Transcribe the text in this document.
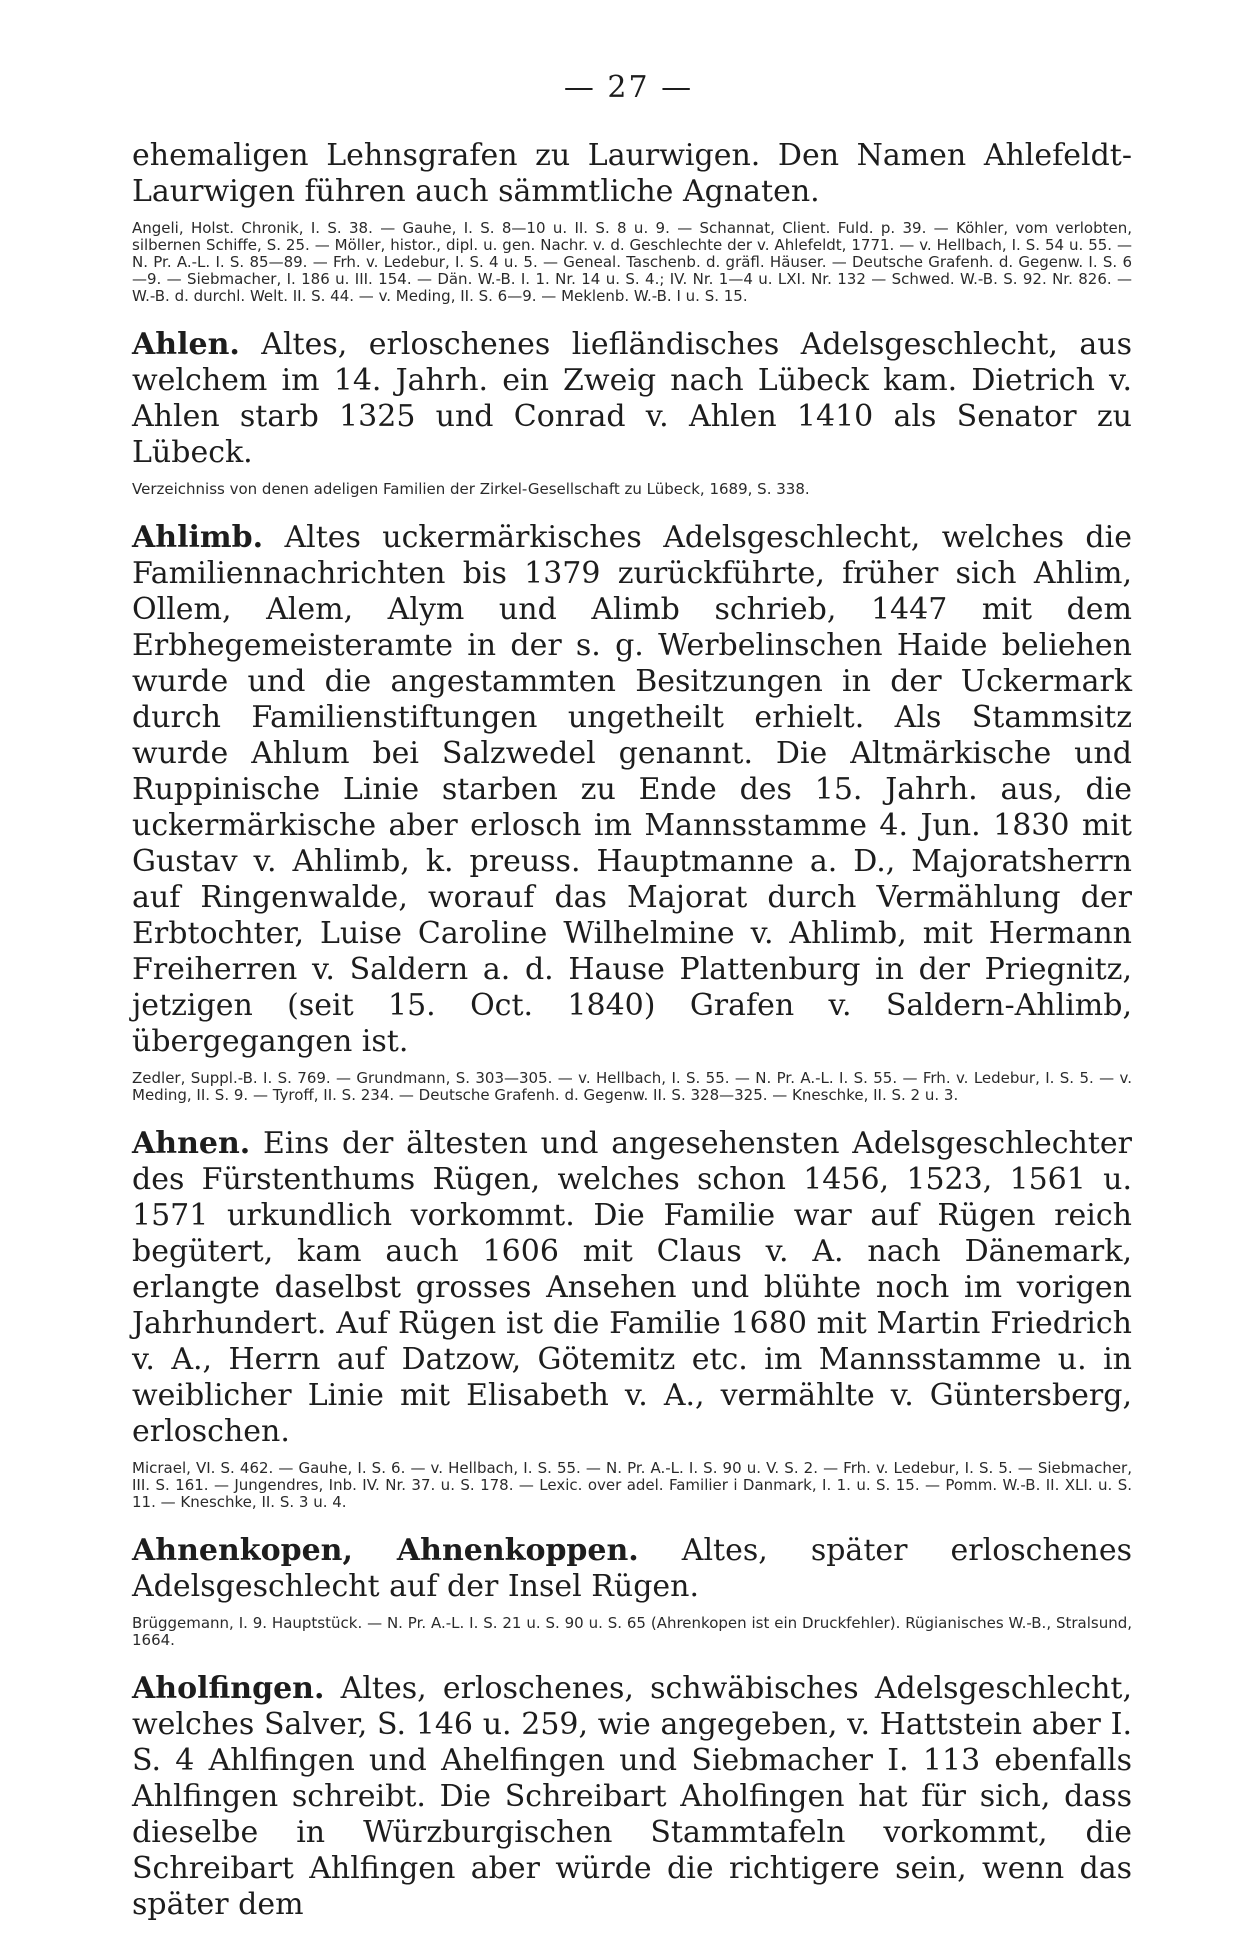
— 27 —

ehemaligen Lehnsgrafen zu Laurwigen. Den Namen Ahlefeldt-Laurwigen führen auch sämmtliche Agnaten.

Angeli, Holst. Chronik, I. S. 38. — Gauhe, I. S. 8—10 u. II. S. 8 u. 9. — Schannat, Client. Fuld. p. 39. — Köhler, vom verlobten, silbernen Schiffe, S. 25. — Möller, histor., dipl. u. gen. Nachr. v. d. Geschlechte der v. Ahlefeldt, 1771. — v. Hellbach, I. S. 54 u. 55. — N. Pr. A.-L. I. S. 85—89. — Frh. v. Ledebur, I. S. 4 u. 5. — Geneal. Taschenb. d. gräfl. Häuser. — Deutsche Grafenh. d. Gegenw. I. S. 6—9. — Siebmacher, I. 186 u. III. 154. — Dän. W.-B. I. 1. Nr. 14 u. S. 4.; IV. Nr. 1—4 u. LXI. Nr. 132 — Schwed. W.-B. S. 92. Nr. 826. — W.-B. d. durchl. Welt. II. S. 44. — v. Meding, II. S. 6—9. — Meklenb. W.-B. I u. S. 15.

Ahlen. Altes, erloschenes liefländisches Adelsgeschlecht, aus welchem im 14. Jahrh. ein Zweig nach Lübeck kam. Dietrich v. Ahlen starb 1325 und Conrad v. Ahlen 1410 als Senator zu Lübeck.

Verzeichniss von denen adeligen Familien der Zirkel-Gesellschaft zu Lübeck, 1689, S. 338.

Ahlimb. Altes uckermärkisches Adelsgeschlecht, welches die Familiennachrichten bis 1379 zurückführte, früher sich Ahlim, Ollem, Alem, Alym und Alimb schrieb, 1447 mit dem Erbhegemeisteramte in der s. g. Werbelinschen Haide beliehen wurde und die angestammten Besitzungen in der Uckermark durch Familienstiftungen ungetheilt erhielt. Als Stammsitz wurde Ahlum bei Salzwedel genannt. Die Altmärkische und Ruppinische Linie starben zu Ende des 15. Jahrh. aus, die uckermärkische aber erlosch im Mannsstamme 4. Jun. 1830 mit Gustav v. Ahlimb, k. preuss. Hauptmanne a. D., Majoratsherrn auf Ringenwalde, worauf das Majorat durch Vermählung der Erbtochter, Luise Caroline Wilhelmine v. Ahlimb, mit Hermann Freiherren v. Saldern a. d. Hause Plattenburg in der Priegnitz, jetzigen (seit 15. Oct. 1840) Grafen v. Saldern-Ahlimb, übergegangen ist.

Zedler, Suppl.-B. I. S. 769. — Grundmann, S. 303—305. — v. Hellbach, I. S. 55. — N. Pr. A.-L. I. S. 55. — Frh. v. Ledebur, I. S. 5. — v. Meding, II. S. 9. — Tyroff, II. S. 234. — Deutsche Grafenh. d. Gegenw. II. S. 328—325. — Kneschke, II. S. 2 u. 3.

Ahnen. Eins der ältesten und angesehensten Adelsgeschlechter des Fürstenthums Rügen, welches schon 1456, 1523, 1561 u. 1571 urkundlich vorkommt. Die Familie war auf Rügen reich begütert, kam auch 1606 mit Claus v. A. nach Dänemark, erlangte daselbst grosses Ansehen und blühte noch im vorigen Jahrhundert. Auf Rügen ist die Familie 1680 mit Martin Friedrich v. A., Herrn auf Datzow, Götemitz etc. im Mannsstamme u. in weiblicher Linie mit Elisabeth v. A., vermählte v. Güntersberg, erloschen.

Micrael, VI. S. 462. — Gauhe, I. S. 6. — v. Hellbach, I. S. 55. — N. Pr. A.-L. I. S. 90 u. V. S. 2. — Frh. v. Ledebur, I. S. 5. — Siebmacher, III. S. 161. — Jungendres, Inb. IV. Nr. 37. u. S. 178. — Lexic. over adel. Familier i Danmark, I. 1. u. S. 15. — Pomm. W.-B. II. XLI. u. S. 11. — Kneschke, II. S. 3 u. 4.

Ahnenkopen, Ahnenkoppen. Altes, später erloschenes Adelsgeschlecht auf der Insel Rügen.

Brüggemann, I. 9. Hauptstück. — N. Pr. A.-L. I. S. 21 u. S. 90 u. S. 65 (Ahrenkopen ist ein Druckfehler). Rügianisches W.-B., Stralsund, 1664.

Aholfingen. Altes, erloschenes, schwäbisches Adelsgeschlecht, welches Salver, S. 146 u. 259, wie angegeben, v. Hattstein aber I. S. 4 Ahlfingen und Ahelfingen und Siebmacher I. 113 ebenfalls Ahlfingen schreibt. Die Schreibart Aholfingen hat für sich, dass dieselbe in Würzburgischen Stammtafeln vorkommt, die Schreibart Ahlfingen aber würde die richtigere sein, wenn das später dem
